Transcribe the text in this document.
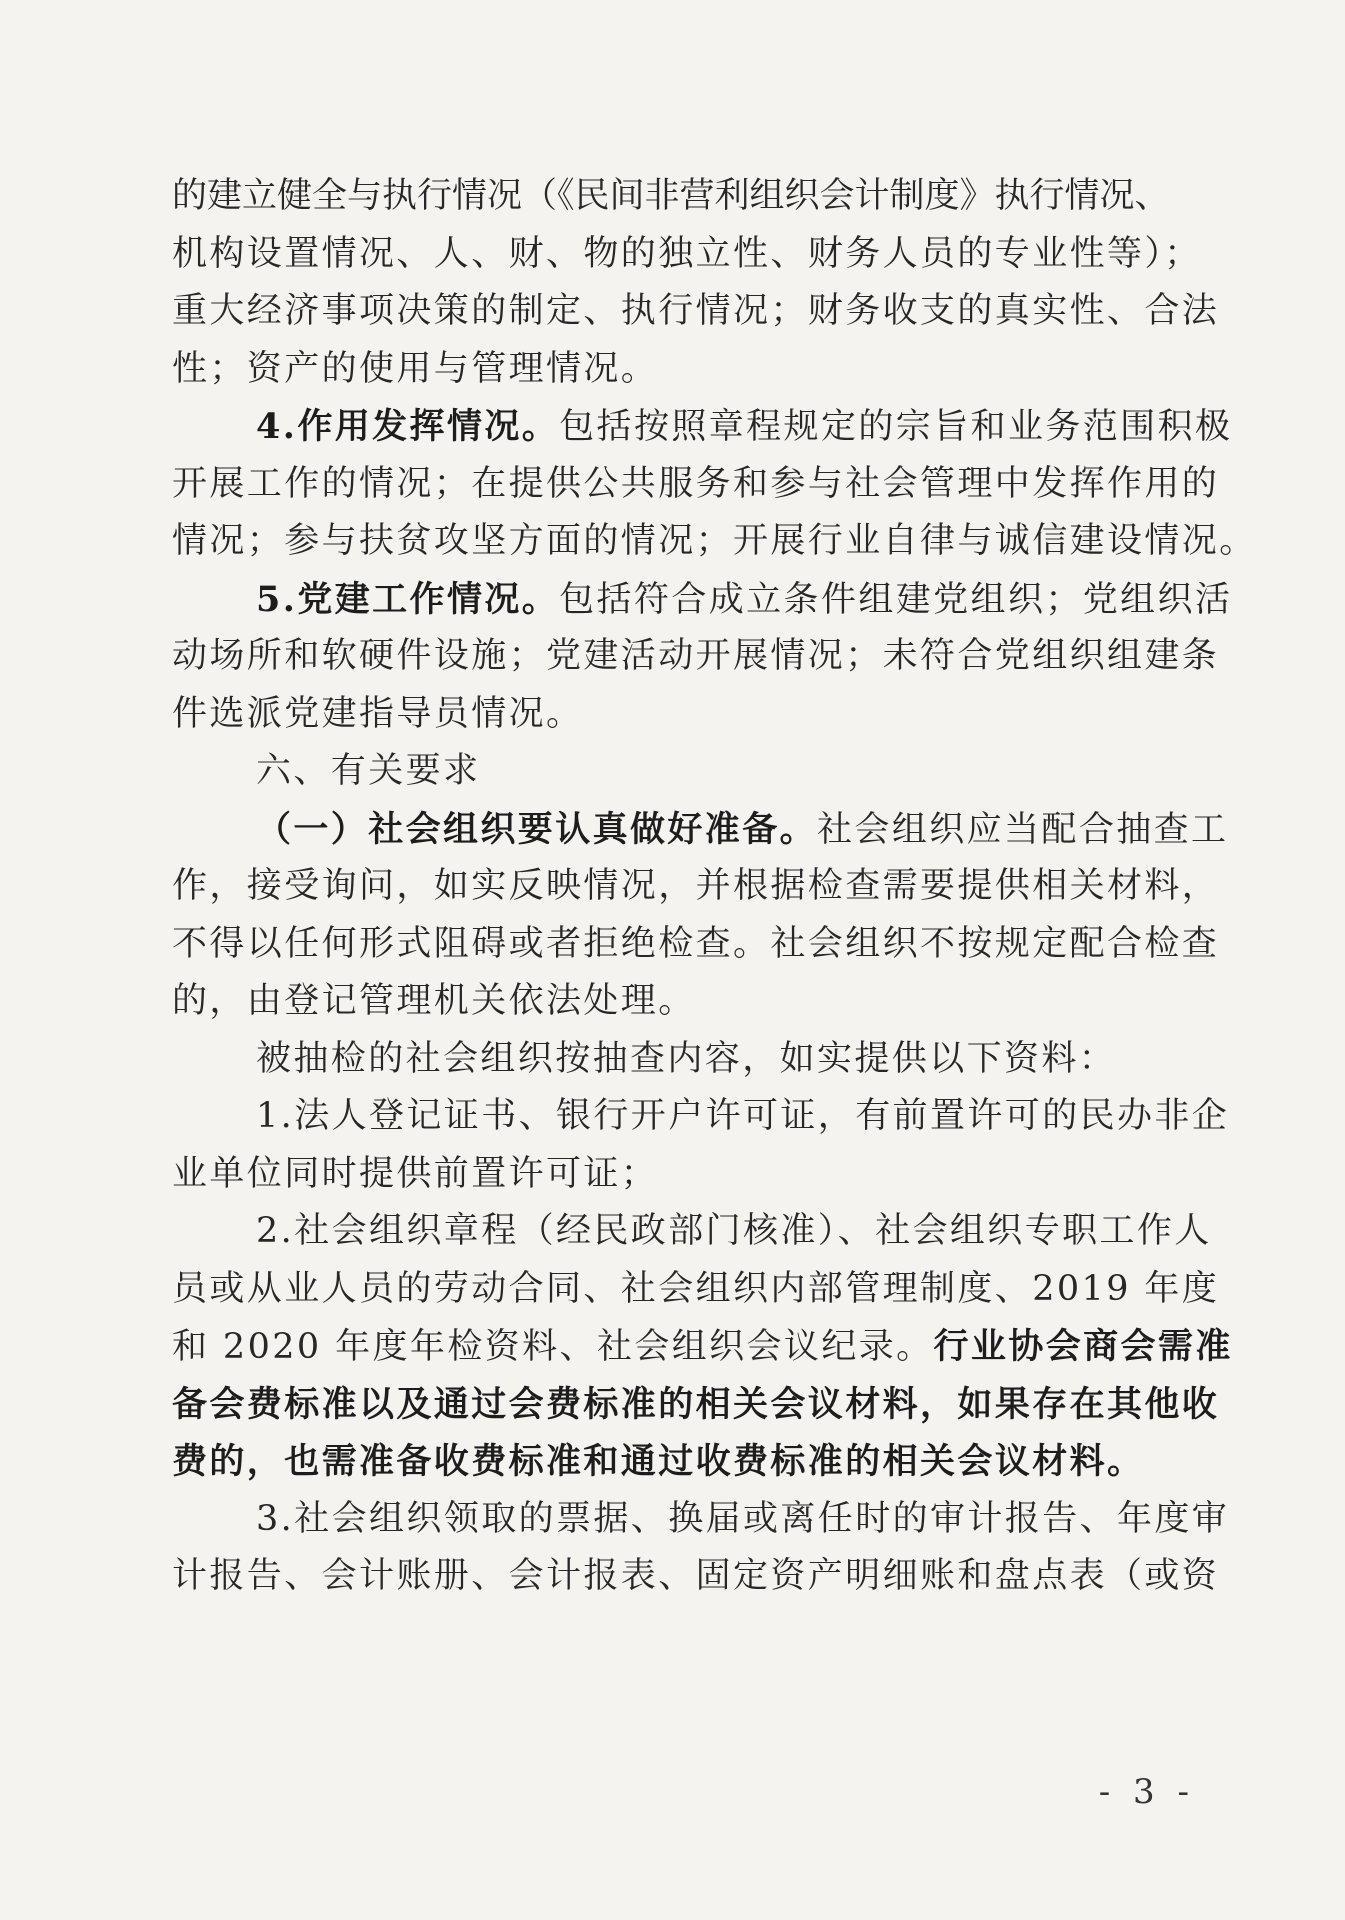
的建立健全与执行情况（《民间非营利组织会计制度》执行情况、
机构设置情况、人、财、物的独立性、财务人员的专业性等）；
重大经济事项决策的制定、执行情况；财务收支的真实性、合法
性；资产的使用与管理情况。
4.作用发挥情况。包括按照章程规定的宗旨和业务范围积极
开展工作的情况；在提供公共服务和参与社会管理中发挥作用的
情况；参与扶贫攻坚方面的情况；开展行业自律与诚信建设情况。
5.党建工作情况。包括符合成立条件组建党组织；党组织活
动场所和软硬件设施；党建活动开展情况；未符合党组织组建条
件选派党建指导员情况。
六、有关要求
（一）社会组织要认真做好准备。社会组织应当配合抽查工
作，接受询问，如实反映情况，并根据检查需要提供相关材料，
不得以任何形式阻碍或者拒绝检查。社会组织不按规定配合检查
的，由登记管理机关依法处理。
被抽检的社会组织按抽查内容，如实提供以下资料：
1.法人登记证书、银行开户许可证，有前置许可的民办非企
业单位同时提供前置许可证；
2.社会组织章程（经民政部门核准）、社会组织专职工作人
员或从业人员的劳动合同、社会组织内部管理制度、2019 年度
和 2020 年度年检资料、社会组织会议纪录。行业协会商会需准
备会费标准以及通过会费标准的相关会议材料，如果存在其他收
费的，也需准备收费标准和通过收费标准的相关会议材料。
3.社会组织领取的票据、换届或离任时的审计报告、年度审
计报告、会计账册、会计报表、固定资产明细账和盘点表（或资
- 3 -
